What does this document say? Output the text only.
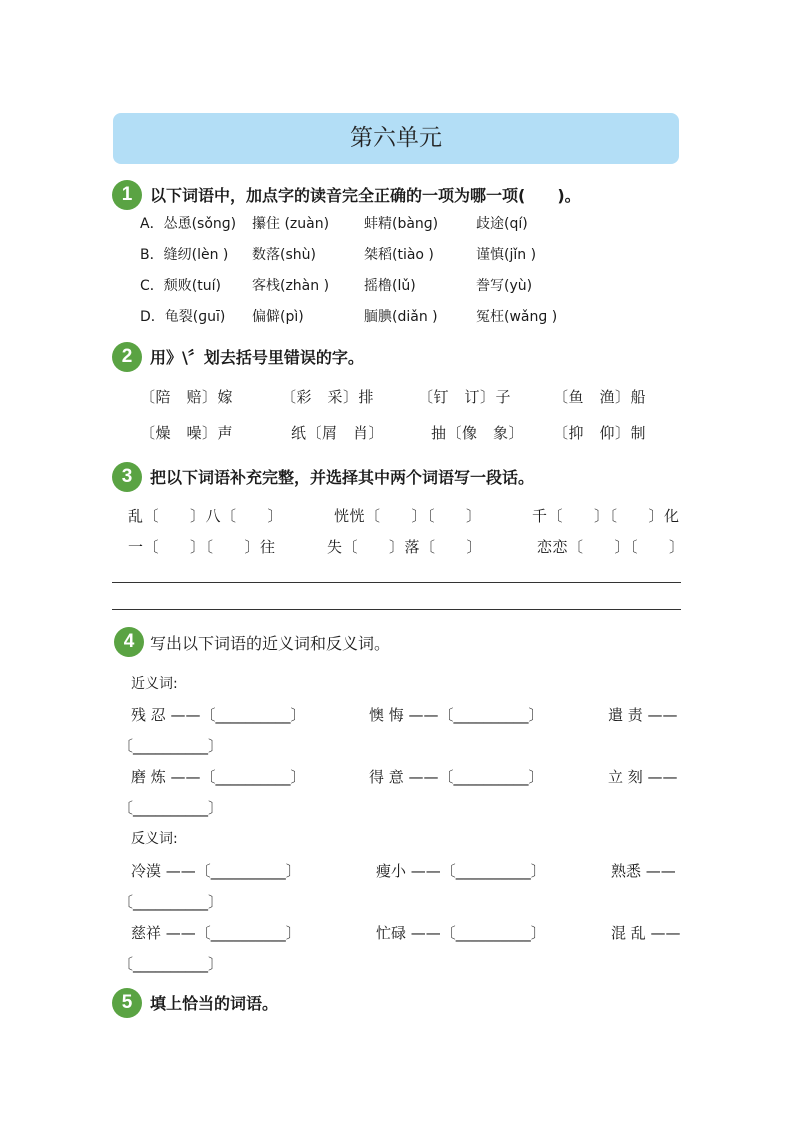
第六单元
1	以下词语中，加点字的读音完全正确的一项为哪一项(　　)。
A．怂恿(sǒnɡ) 攥住 (zuàn) 蚌精(bànɡ)	歧途(qí)
B．缝纫(lèn ) 数落(shù)	桀稻(tiào )	谨慎(jǐn )
C．颓败(tuí) 客栈(zhàn ) 摇橹(lǔ)	誊写(yù)
D．龟裂(ɡuī) 偏僻(pì)	腼腆(diǎn )	冤枉(wǎnɡ )
2	用》\〞划去括号里错误的字。
〔陪　赔〕嫁	〔彩　采〕排	〔钉　订〕子	〔鱼　渔〕船
〔燥　噪〕声	纸〔屑　肖〕	抽〔像　象〕 〔抑　仰〕制
3	把以下词语补充完整，并选择其中两个词语写一段话。
乱〔　　〕八〔　　〕	恍恍〔　　〕〔　　〕	千〔　　〕〔　　〕化
一〔　　〕〔　　〕往	失〔　　〕落〔　　〕	恋恋〔　　〕〔　　〕
4 写出以下词语的近义词和反义词。
近义词:
残 忍 ——〔__________〕	懊 悔 ——〔__________〕	遣 责 ——
〔__________〕
磨 炼 ——〔__________〕	得 意 ——〔__________〕	立 刻 ——
〔__________〕
反义词:
冷漠 ——〔__________〕	瘦小 ——〔__________〕	熟悉 ——
〔__________〕
慈祥 ——〔__________〕	忙碌 ——〔__________〕	混 乱 ——
〔__________〕
5	填上恰当的词语。
